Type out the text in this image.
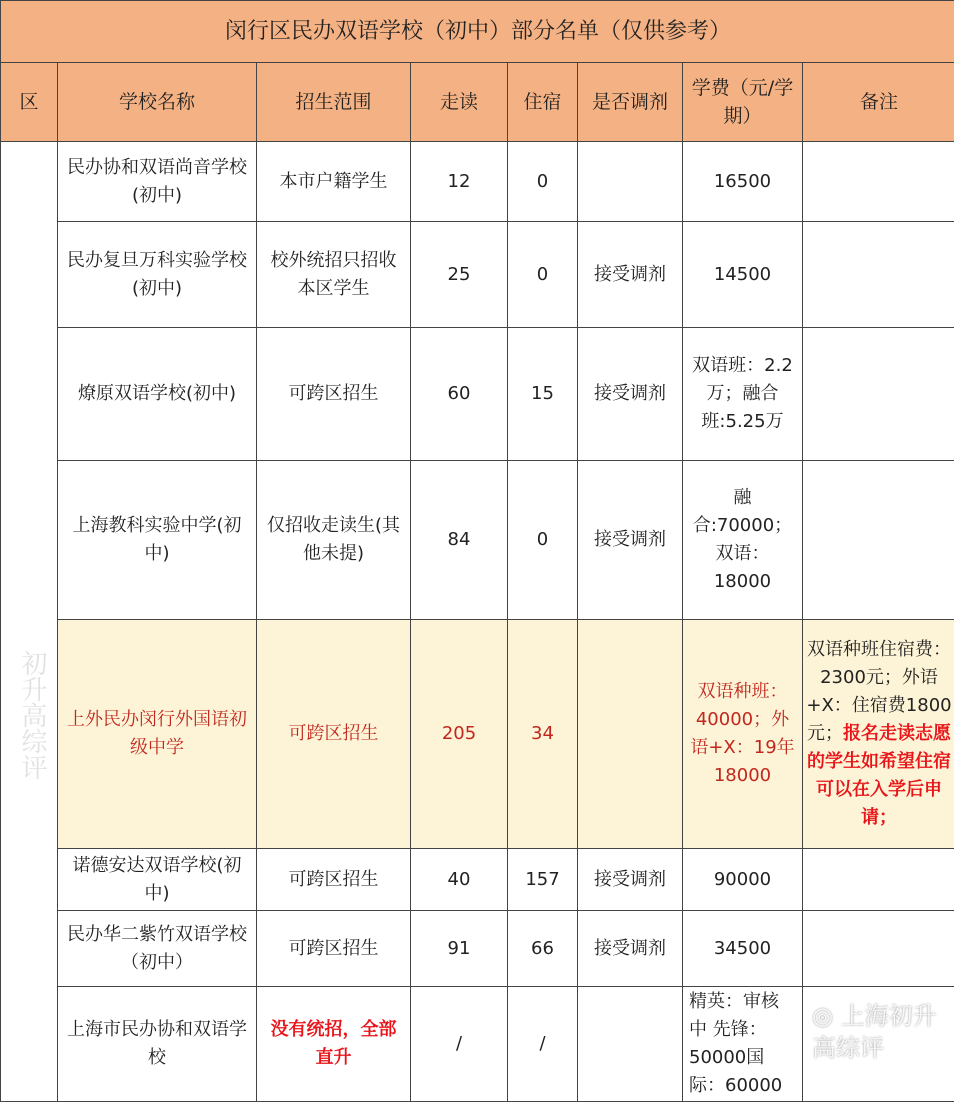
闵行区民办双语学校（初中）部分名单（仅供参考）							
区	学校名称	招生范围	走读	住宿	是否调剂	学费（元/学期）	备注
	民办协和双语尚音学校(初中)	本市户籍学生	12	0		16500	
	民办复旦万科实验学校(初中)	校外统招只招收本区学生	25	0	接受调剂	14500	
	燎原双语学校(初中)	可跨区招生	60	15	接受调剂	双语班：2.2万；融合班:5.25万	
	上海教科实验中学(初中)	仅招收走读生(其他未提)	84	0	接受调剂	融合:70000；双语：18000	
	上外民办闵行外国语初级中学	可跨区招生	205	34		双语种班：40000；外语+X：19年18000	双语种班住宿费：2300元；外语+X：住宿费1800元；报名走读志愿的学生如希望住宿可以在入学后申请；
	诺德安达双语学校(初中)	可跨区招生	40	157	接受调剂	90000	
	民办华二紫竹双语学校（初中）	可跨区招生	91	66	接受调剂	34500	
	上海市民办协和双语学校	没有统招，全部直升	/	/		精英：审核中 先锋：50000国际：60000	
初升高综评
◎ 上海初升高综评
